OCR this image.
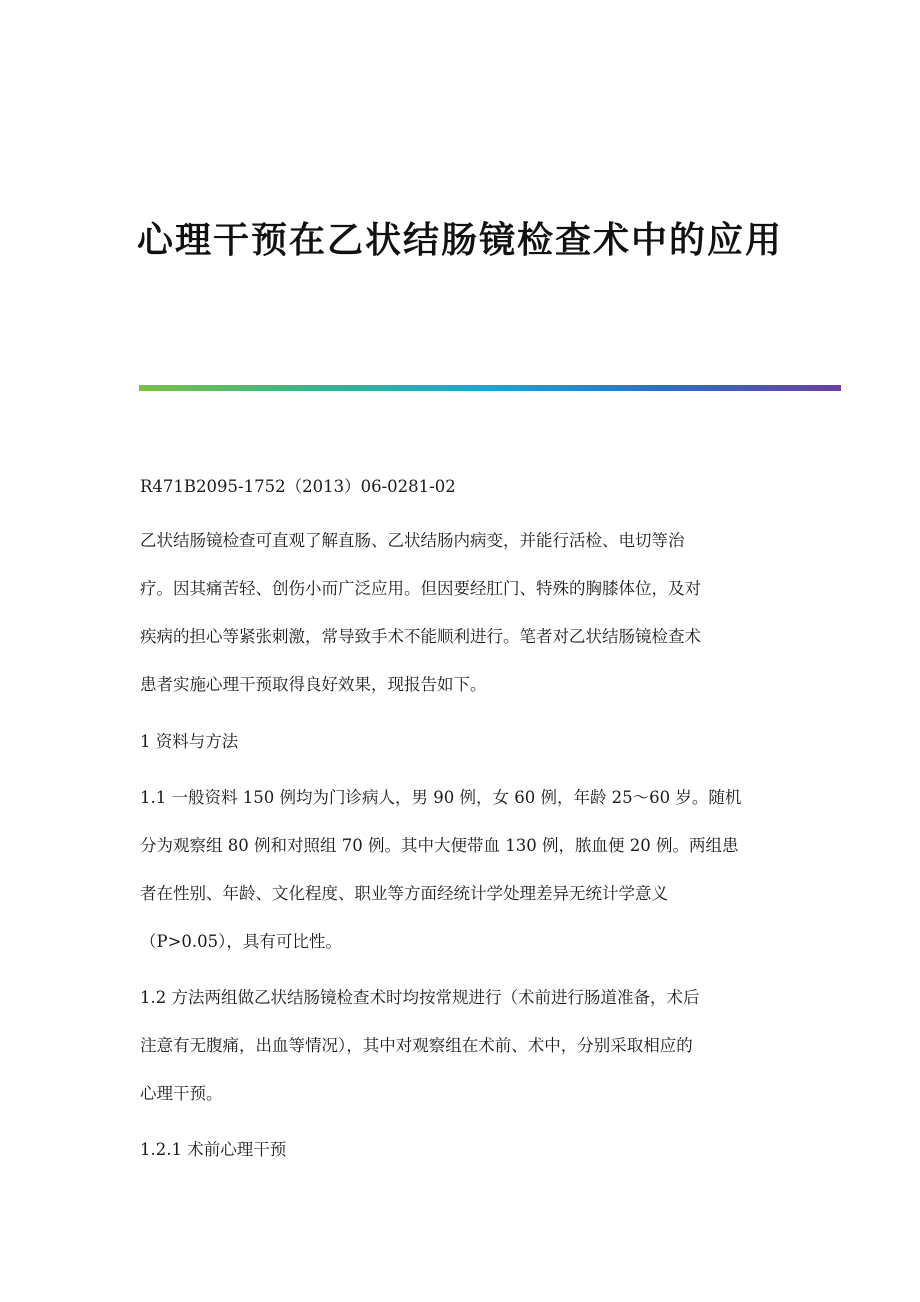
心理干预在乙状结肠镜检查术中的应用

R471B2095-1752（2013）06-0281-02

乙状结肠镜检查可直观了解直肠、乙状结肠内病变，并能行活检、电切等治

疗。因其痛苦轻、创伤小而广泛应用。但因要经肛门、特殊的胸膝体位，及对

疾病的担心等紧张刺激，常导致手术不能顺利进行。笔者对乙状结肠镜检查术

患者实施心理干预取得良好效果，现报告如下。

1 资料与方法

1.1 一般资料 150 例均为门诊病人，男 90 例，女 60 例，年龄 25～60 岁。随机

分为观察组 80 例和对照组 70 例。其中大便带血 130 例，脓血便 20 例。两组患

者在性别、年龄、文化程度、职业等方面经统计学处理差异无统计学意义

（P>0.05），具有可比性。

1.2 方法两组做乙状结肠镜检查术时均按常规进行（术前进行肠道准备，术后

注意有无腹痛，出血等情况），其中对观察组在术前、术中，分别采取相应的

心理干预。

1.2.1 术前心理干预
